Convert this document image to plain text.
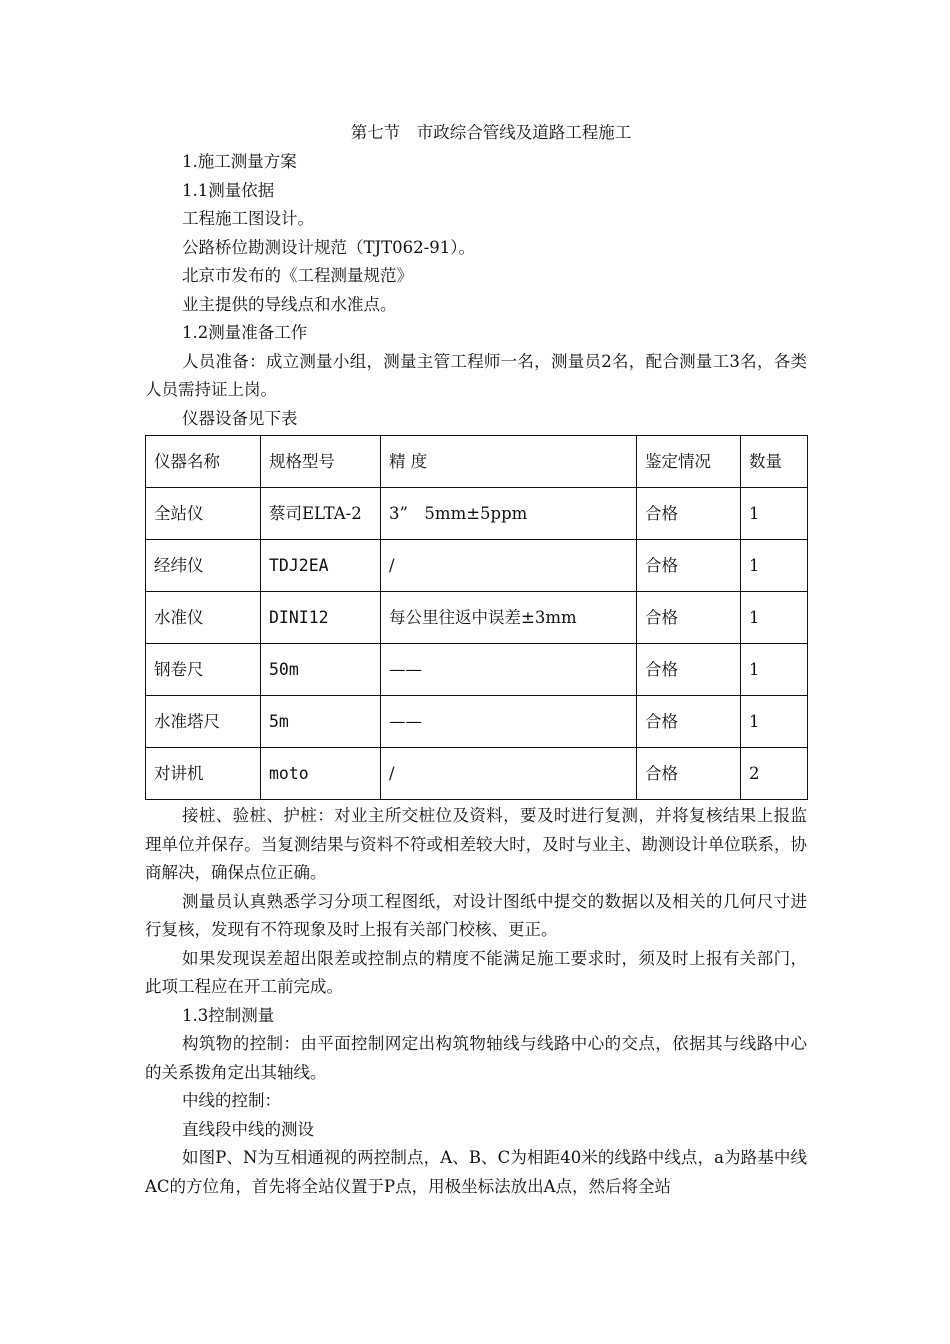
第七节　市政综合管线及道路工程施工

1.施工测量方案

1.1测量依据

工程施工图设计。

公路桥位勘测设计规范（TJT062-91）。

北京市发布的《工程测量规范》

业主提供的导线点和水准点。

1.2测量准备工作

人员准备：成立测量小组，测量主管工程师一名，测量员2名，配合测量工3名，各类人员需持证上岗。

仪器设备见下表

仪器名称	规格型号	精 度	鉴定情况	数量
全站仪	蔡司ELTA-2	3”　5mm±5ppm	合格	1
经纬仪	TDJ2EA	/	合格	1
水准仪	DINI12	每公里往返中误差±3mm	合格	1
钢卷尺	50m	——	合格	1
水准塔尺	5m	——	合格	1
对讲机	moto	/	合格	2

接桩、验桩、护桩：对业主所交桩位及资料，要及时进行复测，并将复核结果上报监理单位并保存。当复测结果与资料不符或相差较大时，及时与业主、勘测设计单位联系，协商解决，确保点位正确。

测量员认真熟悉学习分项工程图纸，对设计图纸中提交的数据以及相关的几何尺寸进行复核，发现有不符现象及时上报有关部门校核、更正。

如果发现误差超出限差或控制点的精度不能满足施工要求时，须及时上报有关部门，此项工程应在开工前完成。

1.3控制测量

构筑物的控制：由平面控制网定出构筑物轴线与线路中心的交点，依据其与线路中心的关系拨角定出其轴线。

中线的控制：

直线段中线的测设

如图P、N为互相通视的两控制点，A、B、C为相距40米的线路中线点，a为路基中线AC的方位角，首先将全站仪置于P点，用极坐标法放出A点，然后将全站
